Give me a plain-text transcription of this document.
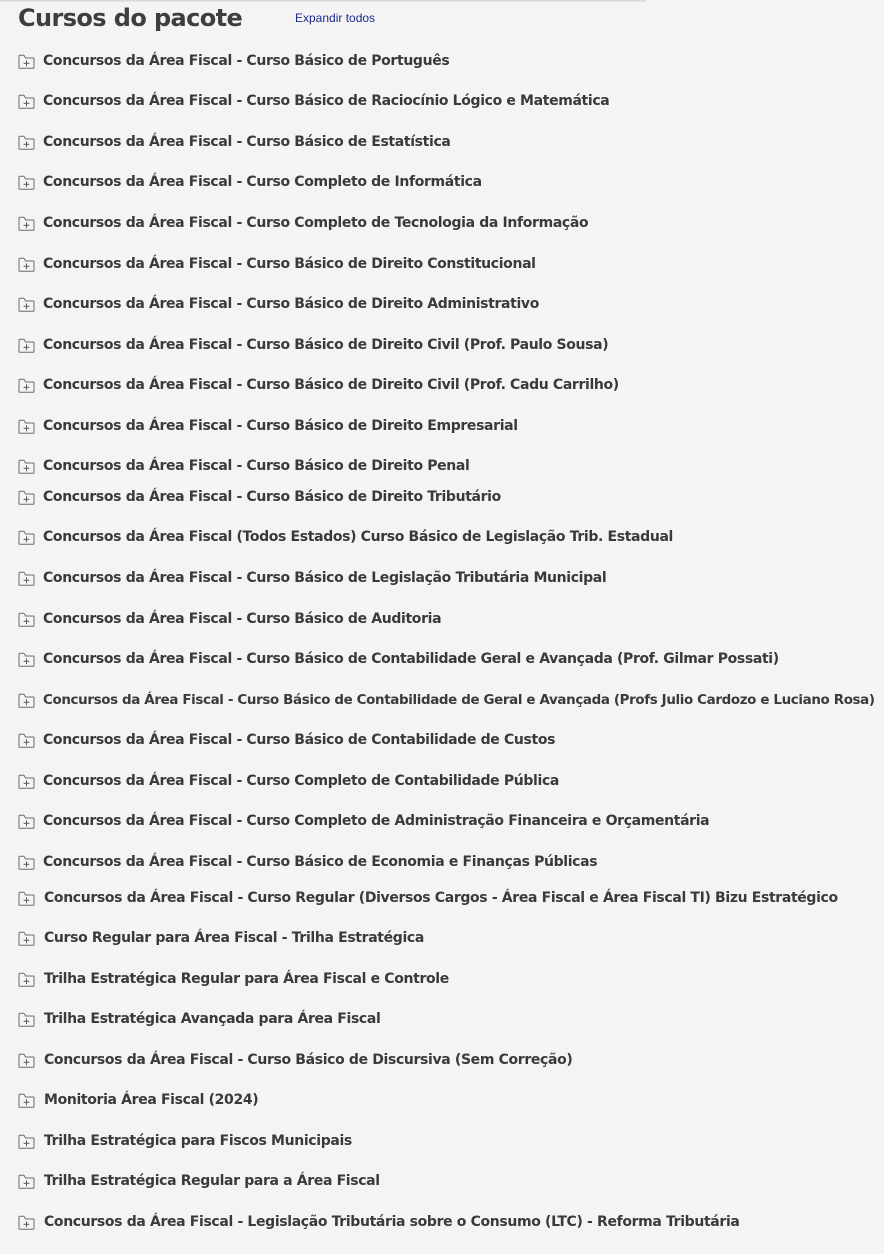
Cursos do pacote	Expandir todos
Concursos da Área Fiscal - Curso Básico de Português
Concursos da Área Fiscal - Curso Básico de Raciocínio Lógico e Matemática
Concursos da Área Fiscal - Curso Básico de Estatística
Concursos da Área Fiscal - Curso Completo de Informática
Concursos da Área Fiscal - Curso Completo de Tecnologia da Informação
Concursos da Área Fiscal - Curso Básico de Direito Constitucional
Concursos da Área Fiscal - Curso Básico de Direito Administrativo
Concursos da Área Fiscal - Curso Básico de Direito Civil (Prof. Paulo Sousa)
Concursos da Área Fiscal - Curso Básico de Direito Civil (Prof. Cadu Carrilho)
Concursos da Área Fiscal - Curso Básico de Direito Empresarial
Concursos da Área Fiscal - Curso Básico de Direito Penal
Concursos da Área Fiscal - Curso Básico de Direito Tributário
Concursos da Área Fiscal (Todos Estados) Curso Básico de Legislação Trib. Estadual
Concursos da Área Fiscal - Curso Básico de Legislação Tributária Municipal
Concursos da Área Fiscal - Curso Básico de Auditoria
Concursos da Área Fiscal - Curso Básico de Contabilidade Geral e Avançada (Prof. Gilmar Possati)
Concursos da Área Fiscal - Curso Básico de Contabilidade de Geral e Avançada (Profs Julio Cardozo e Luciano Rosa)
Concursos da Área Fiscal - Curso Básico de Contabilidade de Custos
Concursos da Área Fiscal - Curso Completo de Contabilidade Pública
Concursos da Área Fiscal - Curso Completo de Administração Financeira e Orçamentária
Concursos da Área Fiscal - Curso Básico de Economia e Finanças Públicas
Concursos da Área Fiscal - Curso Regular (Diversos Cargos - Área Fiscal e Área Fiscal TI) Bizu Estratégico
Curso Regular para Área Fiscal - Trilha Estratégica
Trilha Estratégica Regular para Área Fiscal e Controle
Trilha Estratégica Avançada para Área Fiscal
Concursos da Área Fiscal - Curso Básico de Discursiva (Sem Correção)
Monitoria Área Fiscal (2024)
Trilha Estratégica para Fiscos Municipais
Trilha Estratégica Regular para a Área Fiscal
Concursos da Área Fiscal - Legislação Tributária sobre o Consumo (LTC) - Reforma Tributária
